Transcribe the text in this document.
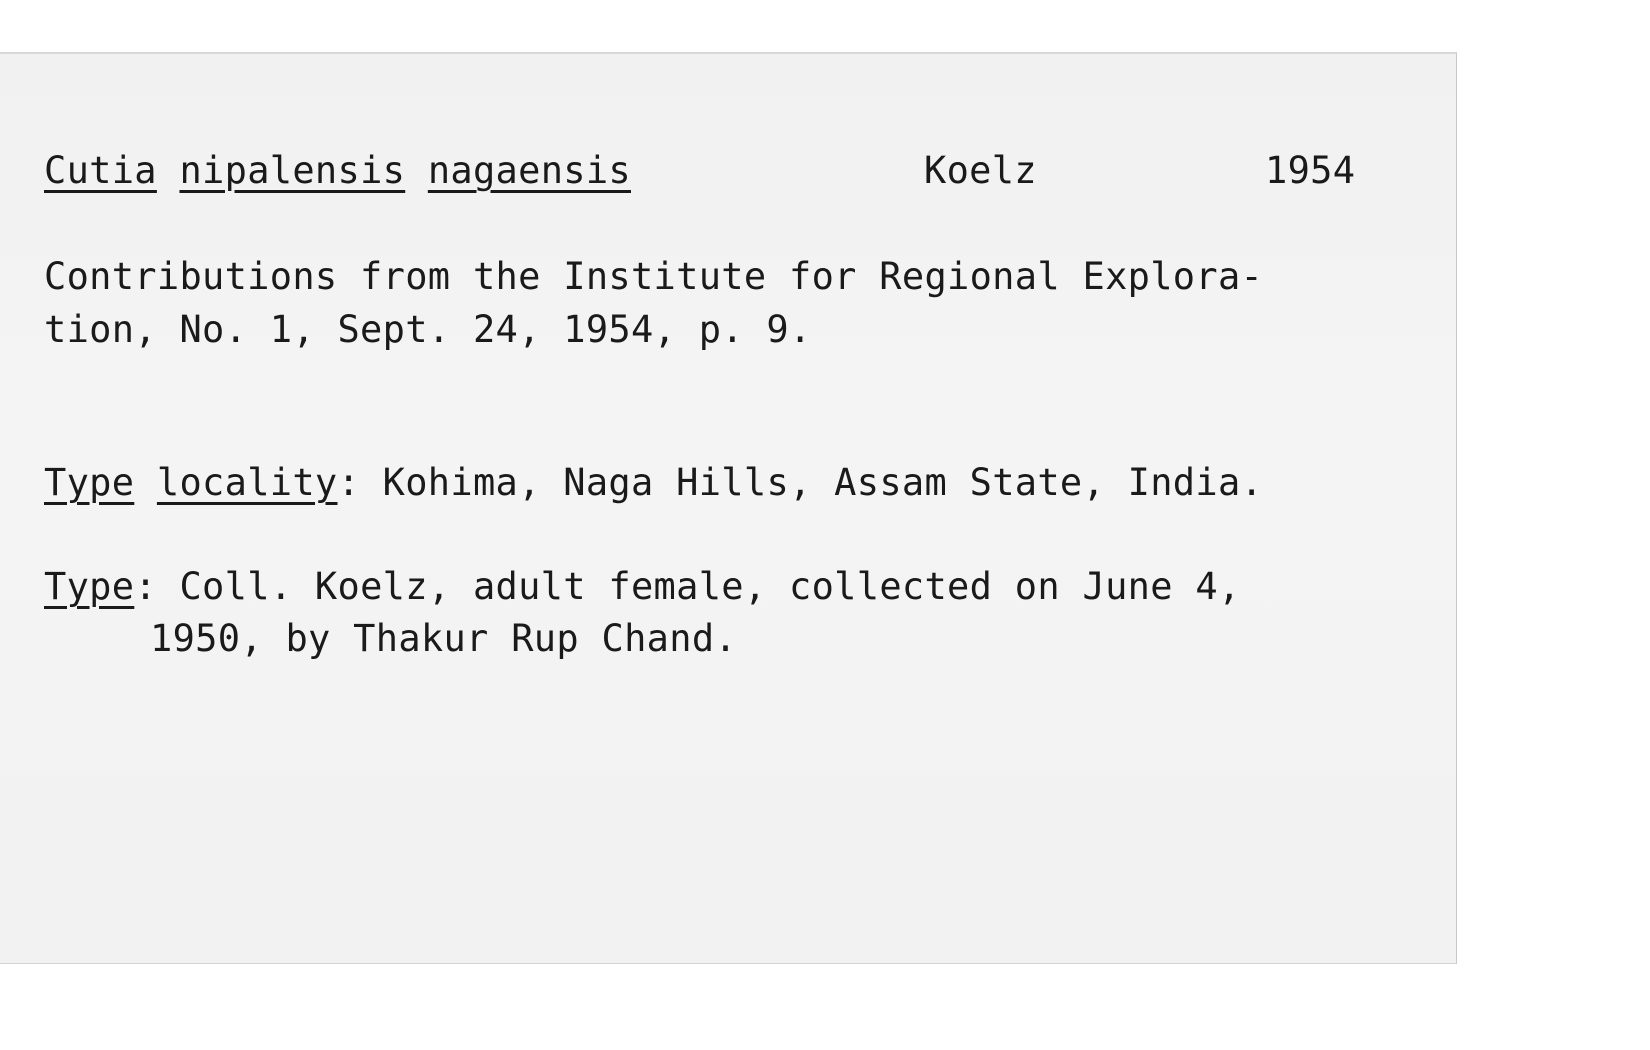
Cutia nipalensis nagaensis	Koelz	1954
Contributions from the Institute for Regional Explora-
tion, No. 1, Sept. 24, 1954, p. 9.
Type locality: Kohima, Naga Hills, Assam State, India.
Type: Coll. Koelz, adult female, collected on June 4,
1950, by Thakur Rup Chand.
